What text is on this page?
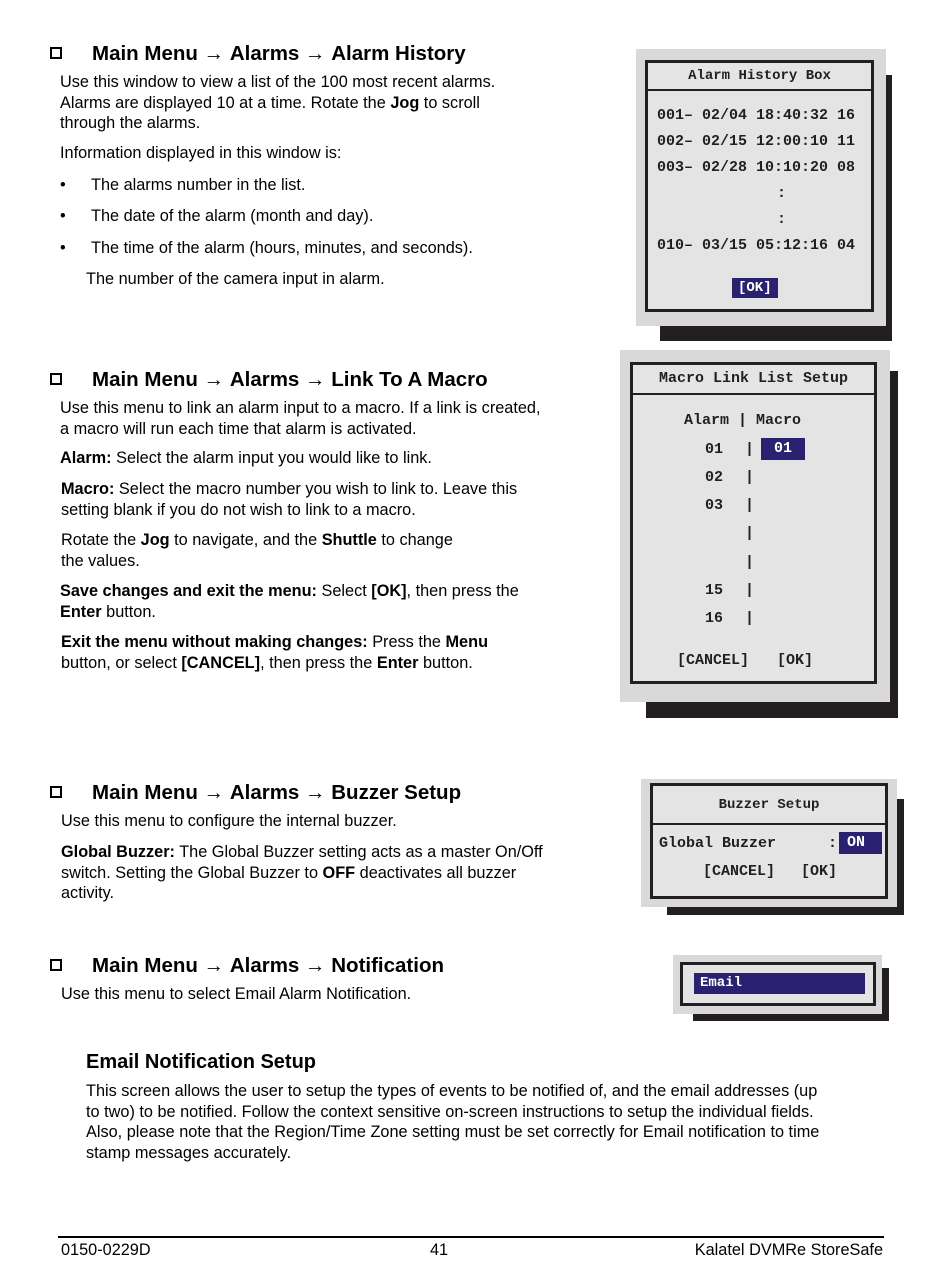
Main Menu
→
Alarms
→
Alarm History
Use this window to view a list of the 100 most recent alarms.
Alarms are displayed 10 at a time. Rotate the Jog to scroll
through the alarms.
Information displayed in this window is:
• The alarms number in the list.
• The date of the alarm (month and day).
• The time of the alarm (hours, minutes, and seconds).
The number of the camera input in alarm.
Alarm History Box
001– 02/04 18:40:32 16
002– 02/15 12:00:10 11
003– 02/28 10:10:20 08
:
:
010– 03/15 05:12:16 04
[OK]
Main Menu
→
Alarms
→
Link To A Macro
Use this menu to link an alarm input to a macro. If a link is created,
a macro will run each time that alarm is activated.
Alarm: Select the alarm input you would like to link.
Macro: Select the macro number you wish to link to. Leave this
setting blank if you do not wish to link to a macro.
Rotate the Jog to navigate, and the Shuttle to change
the values.
Save changes and exit the menu: Select [OK], then press the
Enter button.
Exit the menu without making changes: Press the Menu
button, or select [CANCEL], then press the Enter button.
Macro Link List Setup
Alarm | Macro
01 |	01
02 |
03 |
|
|
15 |
16 |
[CANCEL] [OK]
Main Menu
→
Alarms
→
Buzzer Setup
Use this menu to configure the internal buzzer.
Global Buzzer: The Global Buzzer setting acts as a master On/Off
switch. Setting the Global Buzzer to OFF deactivates all buzzer
activity.
Buzzer Setup
Global Buzzer	: ON
[CANCEL] [OK]
Main Menu
→
Alarms
→
Notification
Use this menu to select Email Alarm Notification.
Email
Email Notification Setup
This screen allows the user to setup the types of events to be notified of, and the email addresses (up
to two) to be notified. Follow the context sensitive on-screen instructions to setup the individual fields.
Also, please note that the Region/Time Zone setting must be set correctly for Email notification to time
stamp messages accurately.
0150-0229D	41	Kalatel DVMRe StoreSafe
